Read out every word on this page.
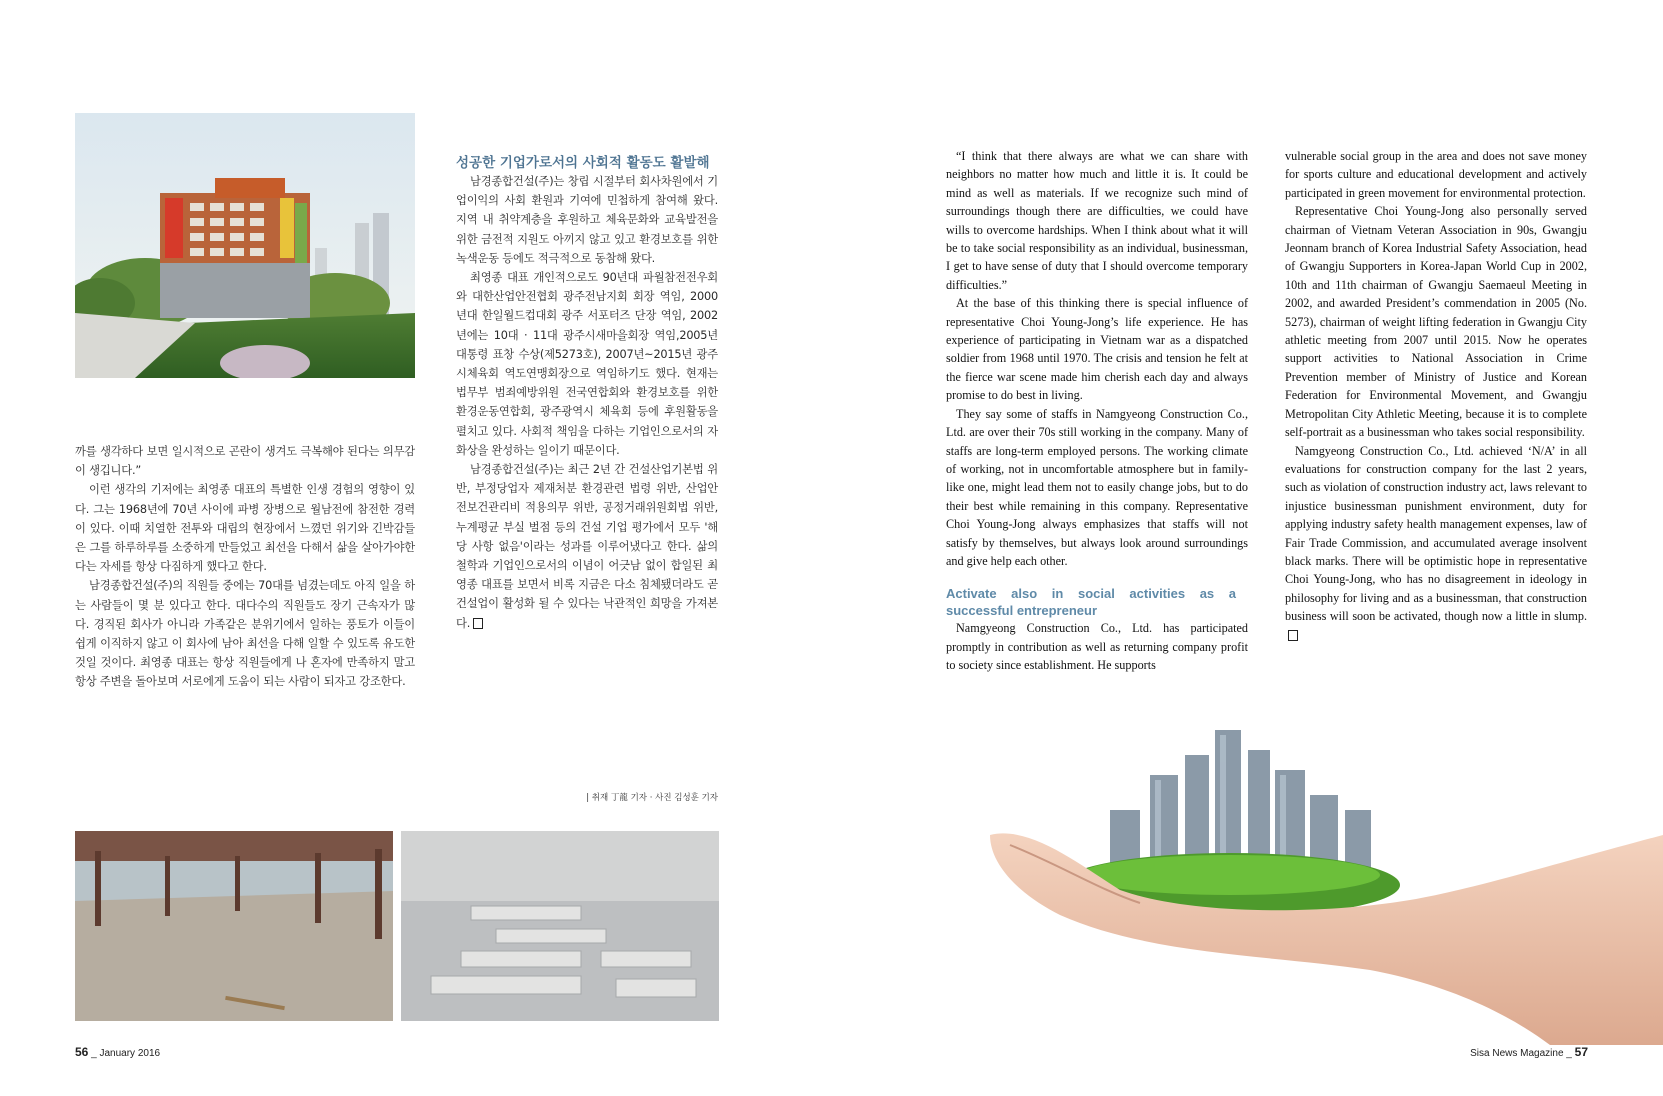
까를 생각하다 보면 일시적으로 곤란이 생겨도 극복해야 된다는 의무감이 생깁니다.”

이런 생각의 기저에는 최영종 대표의 특별한 인생 경험의 영향이 있다. 그는 1968년에 70년 사이에 파병 장병으로 월남전에 참전한 경력이 있다. 이때 치열한 전투와 대립의 현장에서 느꼈던 위기와 긴박감들은 그를 하루하루를 소중하게 만들었고 최선을 다해서 삶을 살아가야한다는 자세를 항상 다짐하게 했다고 한다.

남경종합건설(주)의 직원들 중에는 70대를 넘겼는데도 아직 일을 하는 사람들이 몇 분 있다고 한다. 대다수의 직원들도 장기 근속자가 많다. 경직된 회사가 아니라 가족같은 분위기에서 일하는 풍토가 이들이 쉽게 이직하지 않고 이 회사에 남아 최선을 다해 일할 수 있도록 유도한 것일 것이다. 최영종 대표는 항상 직원들에게 나 혼자에 만족하지 말고 항상 주변을 돌아보며 서로에게 도움이 되는 사람이 되자고 강조한다.

성공한 기업가로서의 사회적 활동도 활발해

남경종합건설(주)는 창립 시절부터 회사차원에서 기업이익의 사회 환원과 기여에 민첩하게 참여해 왔다. 지역 내 취약계층을 후원하고 체육문화와 교육발전을 위한 금전적 지원도 아끼지 않고 있고 환경보호를 위한 녹색운동 등에도 적극적으로 동참해 왔다.

최영종 대표 개인적으로도 90년대 파월참전전우회와 대한산업안전협회 광주전남지회 회장 역임, 2000년대 한일월드컵대회 광주 서포터즈 단장 역임, 2002년에는 10대 · 11대 광주시새마을회장 역임,2005년 대통령 표창 수상(제5273호), 2007년~2015년 광주시체육회 역도연맹회장으로 역임하기도 했다. 현재는 법무부 범죄예방위원 전국연합회와 환경보호를 위한 환경운동연합회, 광주광역시 체육회 등에 후원활동을 펼치고 있다. 사회적 책임을 다하는 기업인으로서의 자화상을 완성하는 일이기 때문이다.

남경종합건설(주)는 최근 2년 간 건설산업기본법 위반, 부정당업자 제재처분 환경관련 법령 위반, 산업안전보건관리비 적용의무 위반, 공정거래위원회법 위반, 누계평균 부실 벌점 등의 건설 기업 평가에서 모두 '해당 사항 없음'이라는 성과를 이루어냈다고 한다. 삶의 철학과 기업인으로서의 이념이 어긋남 없이 합일된 최영종 대표를 보면서 비록 지금은 다소 침체됐더라도 곧 건설업이 활성화 될 수 있다는 낙관적인 희망을 가져본다.

| 취재 丁龍 기자 · 사진 김성훈 기자
56 _ January 2016

“I think that there always are what we can share with neighbors no matter how much and little it is. It could be mind as well as materials. If we recognize such mind of surroundings though there are difficulties, we could have wills to overcome hardships. When I think about what it will be to take social responsibility as an individual, businessman, I get to have sense of duty that I should overcome temporary difficulties.”

At the base of this thinking there is special influence of representative Choi Young-Jong’s life experience. He has experience of participating in Vietnam war as a dispatched soldier from 1968 until 1970. The crisis and tension he felt at the fierce war scene made him cherish each day and always promise to do best in living.

They say some of staffs in Namgyeong Construction Co., Ltd. are over their 70s still working in the company. Many of staffs are long-term employed persons. The working climate of working, not in uncomfortable atmosphere but in family-like one, might lead them not to easily change jobs, but to do their best while remaining in this company. Representative Choi Young-Jong always emphasizes that staffs will not satisfy by themselves, but always look around surroundings and give help each other.

Activate also in social activities as a successful entrepreneur

Namgyeong Construction Co., Ltd. has participated promptly in contribution as well as returning company profit to society since establishment. He supports

vulnerable social group in the area and does not save money for sports culture and educational development and actively participated in green movement for environmental protection.

Representative Choi Young-Jong also personally served chairman of Vietnam Veteran Association in 90s, Gwangju Jeonnam branch of Korea Industrial Safety Association, head of Gwangju Supporters in Korea-Japan World Cup in 2002, 10th and 11th chairman of Gwangju Saemaeul Meeting in 2002, and awarded President’s commendation in 2005 (No. 5273), chairman of weight lifting federation in Gwangju City athletic meeting from 2007 until 2015. Now he operates support activities to National Association in Crime Prevention member of Ministry of Justice and Korean Federation for Environmental Movement, and Gwangju Metropolitan City Athletic Meeting, because it is to complete self-portrait as a businessman who takes social responsibility.

Namgyeong Construction Co., Ltd. achieved ‘N/A’ in all evaluations for construction company for the last 2 years, such as violation of construction industry act, laws relevant to injustice businessman punishment environment, duty for applying industry safety health management expenses, law of Fair Trade Commission, and accumulated average insolvent black marks. There will be optimistic hope in representative Choi Young-Jong, who has no disagreement in ideology in philosophy for living and as a businessman, that construction business will soon be activated, though now a little in slump.

Sisa News Magazine _ 57
